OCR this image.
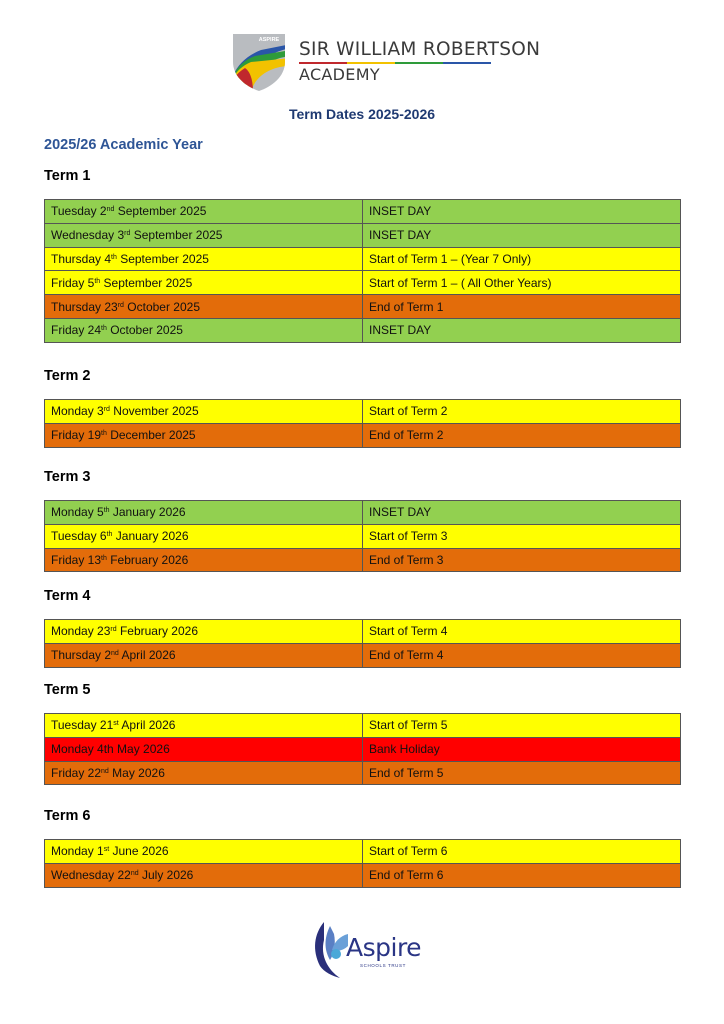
ASPIRE SIR WILLIAM ROBERTSON
ACADEMY
Term Dates 2025-2026
2025/26 Academic Year
Term 1
Tuesday 2nd September 2025	INSET DAY
Wednesday 3rd September 2025	INSET DAY
Thursday 4th September 2025	Start of Term 1 – (Year 7 Only)
Friday 5th September 2025	Start of Term 1 – ( All Other Years)
Thursday 23rd October 2025	End of Term 1
Friday 24th October 2025	INSET DAY
Term 2
Monday 3rd November 2025	Start of Term 2
Friday 19th December 2025	End of Term 2
Term 3
Monday 5th January 2026	INSET DAY
Tuesday 6th January 2026	Start of Term 3
Friday 13th February 2026	End of Term 3
Term 4
Monday 23rd February 2026	Start of Term 4
Thursday 2nd April 2026	End of Term 4
Term 5
Tuesday 21st April 2026	Start of Term 5
Monday 4th May 2026	Bank Holiday
Friday 22nd May 2026	End of Term 5
Term 6
Monday 1st June 2026	Start of Term 6
Wednesday 22nd July 2026	End of Term 6
Aspire
SCHOOLS TRUST
